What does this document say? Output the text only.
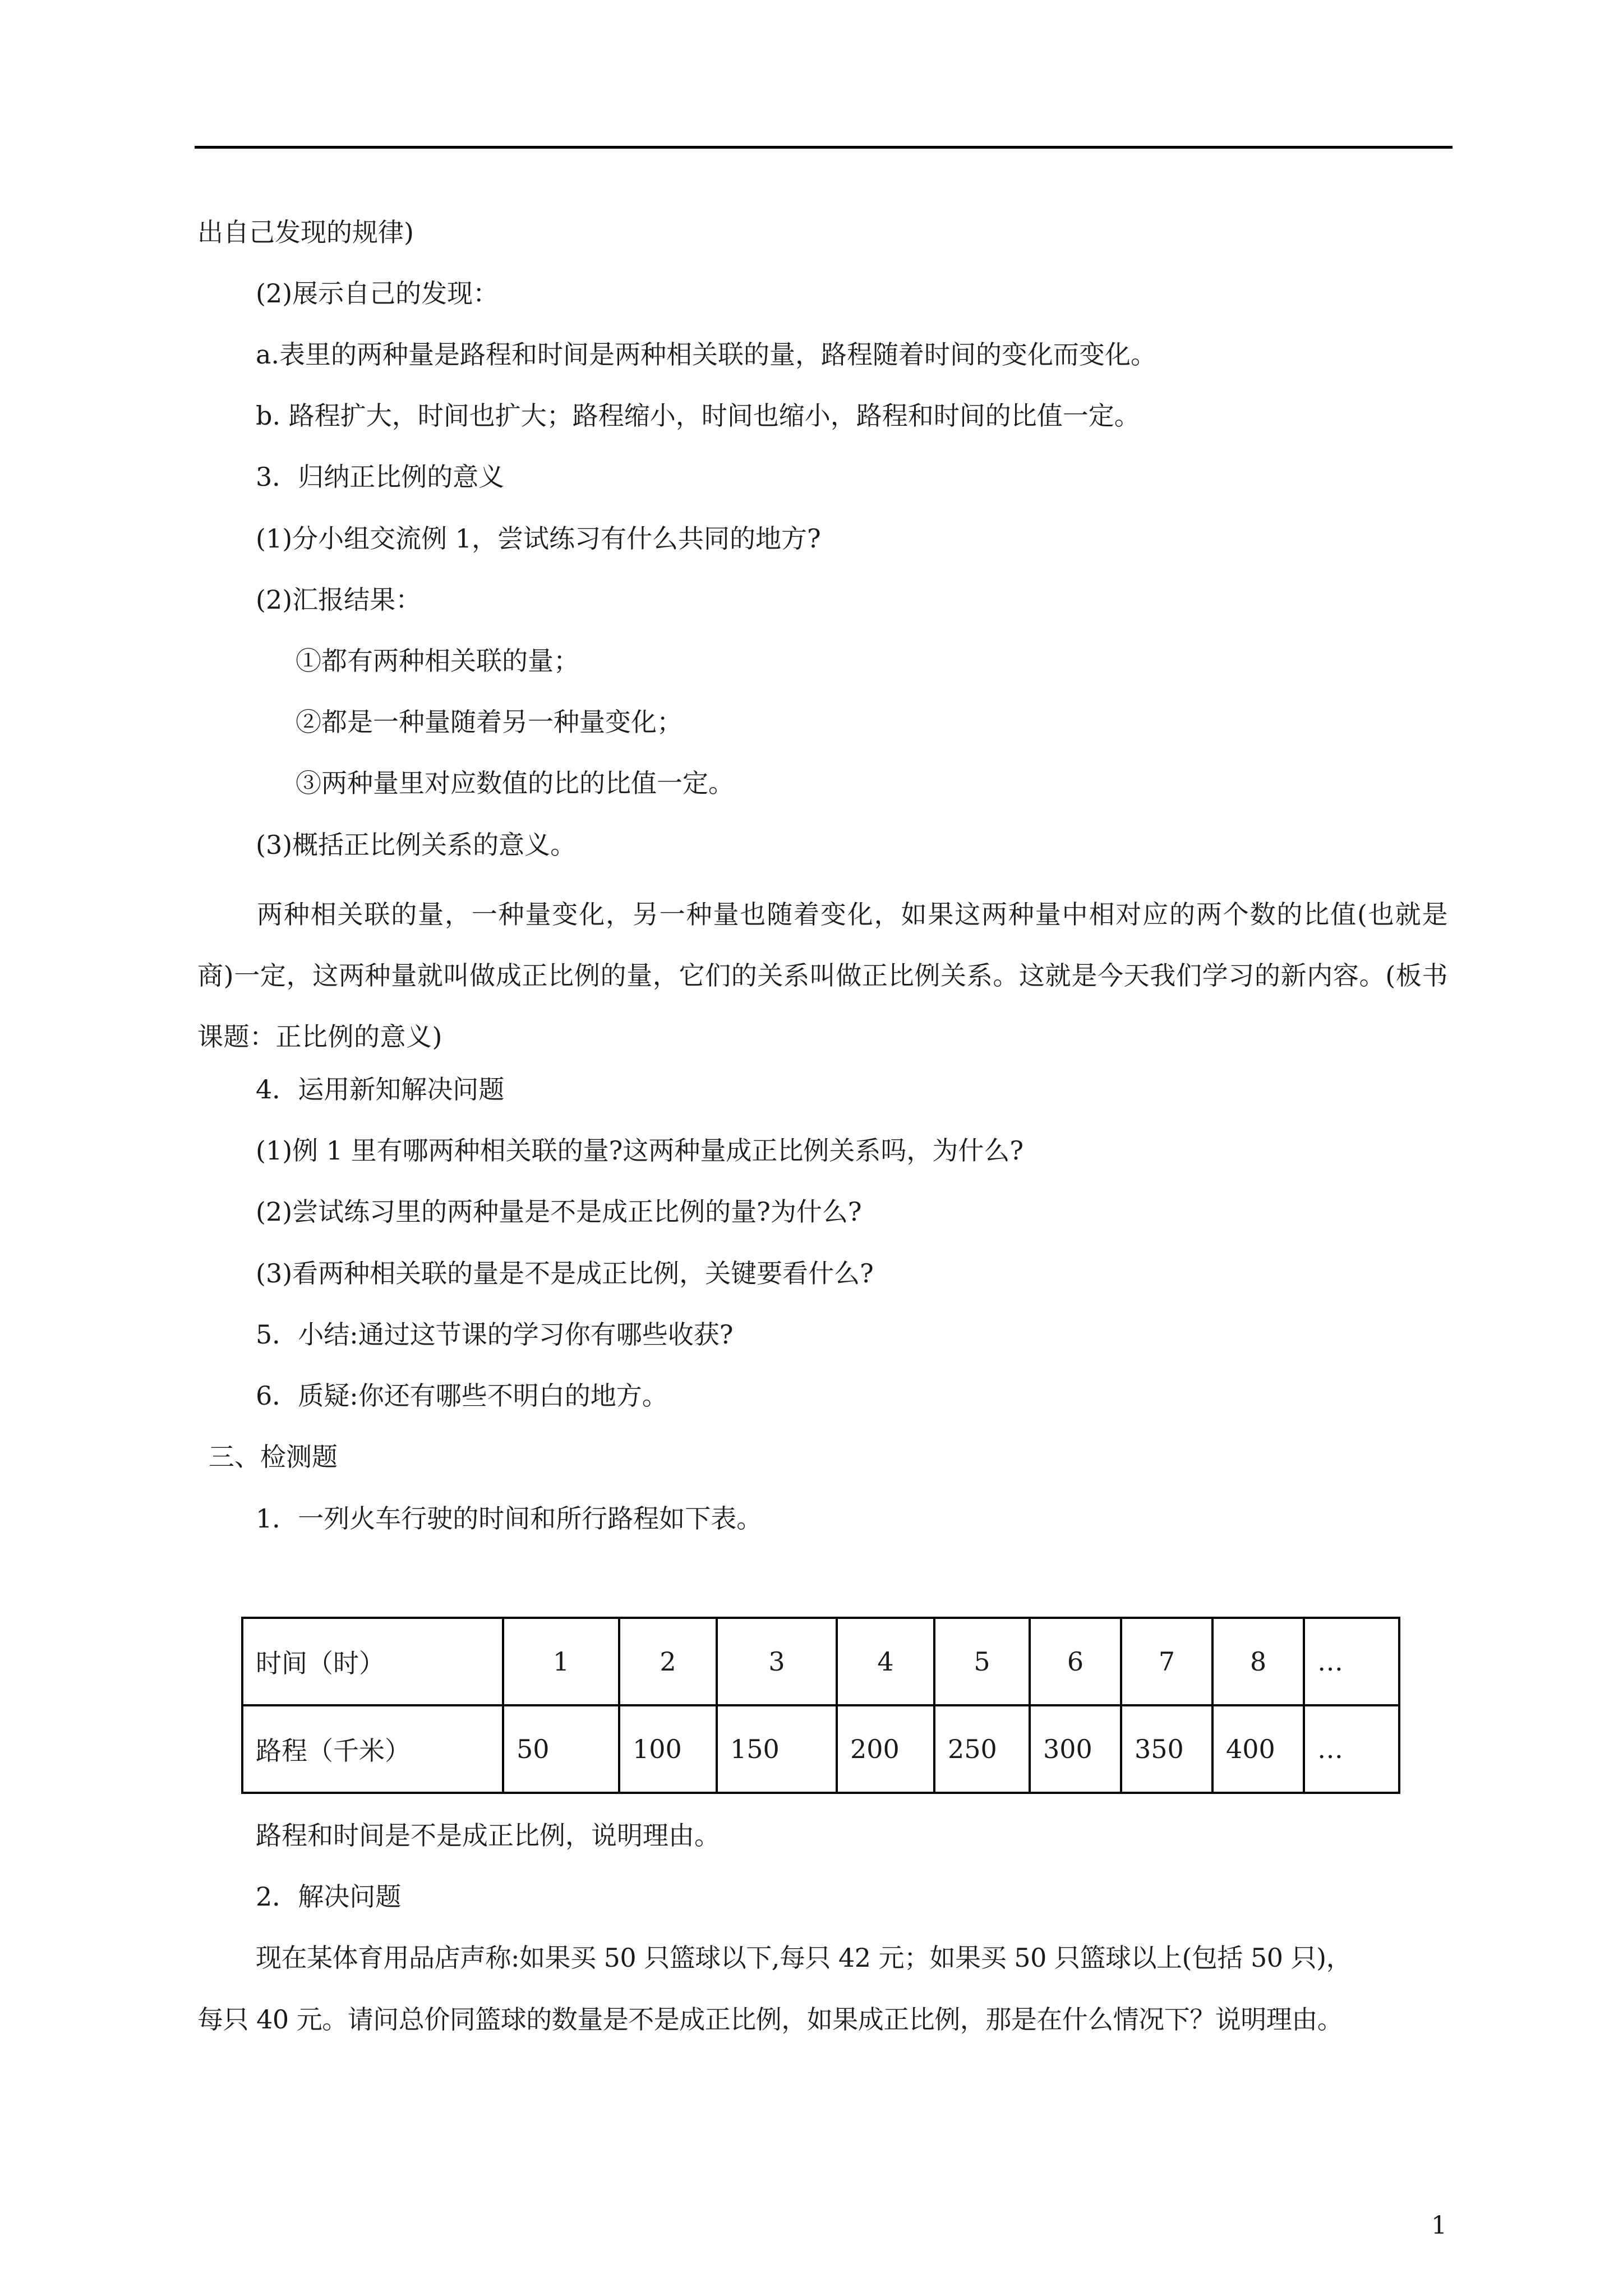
出自己发现的规律)
(2)展示自己的发现：
a.表里的两种量是路程和时间是两种相关联的量，路程随着时间的变化而变化。
b. 路程扩大，时间也扩大；路程缩小，时间也缩小，路程和时间的比值一定。
3．归纳正比例的意义
(1)分小组交流例 1，尝试练习有什么共同的地方?
(2)汇报结果：
①都有两种相关联的量；
②都是一种量随着另一种量变化；
③两种量里对应数值的比的比值一定。
(3)概括正比例关系的意义。
两种相关联的量，一种量变化，另一种量也随着变化，如果这两种量中相对应的两个数的比值(也就是商)一定，这两种量就叫做成正比例的量，它们的关系叫做正比例关系。这就是今天我们学习的新内容。(板书课题：正比例的意义)
4．运用新知解决问题
(1)例 1 里有哪两种相关联的量?这两种量成正比例关系吗，为什么?
(2)尝试练习里的两种量是不是成正比例的量?为什么?
(3)看两种相关联的量是不是成正比例，关键要看什么?
5．小结:通过这节课的学习你有哪些收获?
6．质疑:你还有哪些不明白的地方。
三、检测题
1．一列火车行驶的时间和所行路程如下表。
时间（时）	1	2	3	4	5	6	7	8	…
路程（千米）	50	100	150	200	250	300	350	400	…
路程和时间是不是成正比例，说明理由。
2．解决问题
现在某体育用品店声称:如果买 50 只篮球以下,每只 42 元；如果买 50 只篮球以上(包括 50 只)，
每只 40 元。请问总价同篮球的数量是不是成正比例，如果成正比例，那是在什么情况下？说明理由。
1
